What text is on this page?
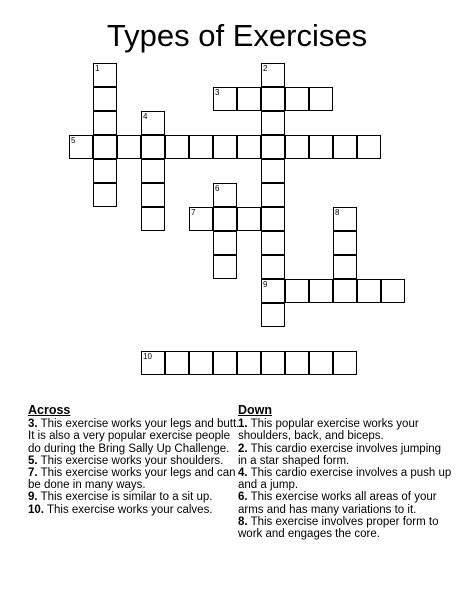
Types of Exercises
1	2
3
4
5
6
7	8
9
10
Across
3. This exercise works your legs and butt. It is also a very popular exercise people do during the Bring Sally Up Challenge.
5. This exercise works your shoulders.
7. This exercise works your legs and can be done in many ways.
9. This exercise is similar to a sit up.
10. This exercise works your calves.
Down
1. This popular exercise works your shoulders, back, and biceps.
2. This cardio exercise involves jumping in a star shaped form.
4. This cardio exercise involves a push up and a jump.
6. This exercise works all areas of your arms and has many variations to it.
8. This exercise involves proper form to work and engages the core.
